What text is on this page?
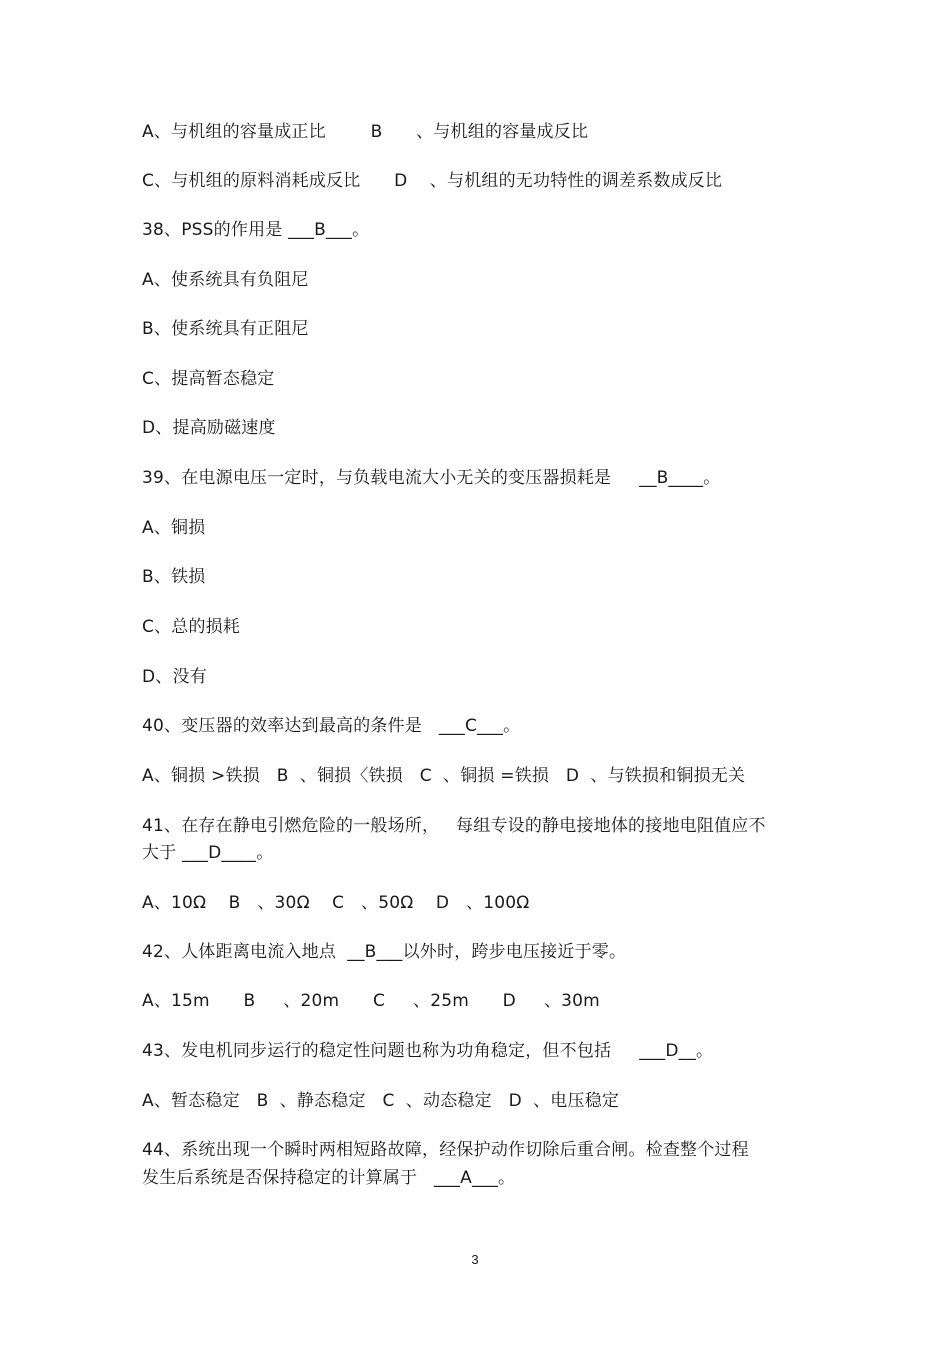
A、与机组的容量成正比        B      、与机组的容量成反比
C、与机组的原料消耗成反比      D    、与机组的无功特性的调差系数成反比
38、PSS的作用是 ___B___。
A、使系统具有负阻尼
B、使系统具有正阻尼
C、提高暂态稳定
D、提高励磁速度
39、在电源电压一定时，与负载电流大小无关的变压器损耗是     __B____。
A、铜损
B、铁损
C、总的损耗
D、没有
40、变压器的效率达到最高的条件是   ___C___。
A、铜损 >铁损   B  、铜损〈铁损   C  、铜损 =铁损   D  、与铁损和铜损无关
41、在存在静电引燃危险的一般场所，   每组专设的静电接地体的接地电阻值应不
大于 ___D____。
A、10Ω    B   、30Ω    C   、50Ω    D   、100Ω
42、人体距离电流入地点  __B___以外时，跨步电压接近于零。
A、15m      B     、20m      C     、25m      D     、30m
43、发电机同步运行的稳定性问题也称为功角稳定，但不包括     ___D__。
A、暂态稳定   B  、静态稳定   C  、动态稳定   D  、电压稳定
44、系统出现一个瞬时两相短路故障，经保护动作切除后重合闸。检查整个过程
发生后系统是否保持稳定的计算属于   ___A___。
3
